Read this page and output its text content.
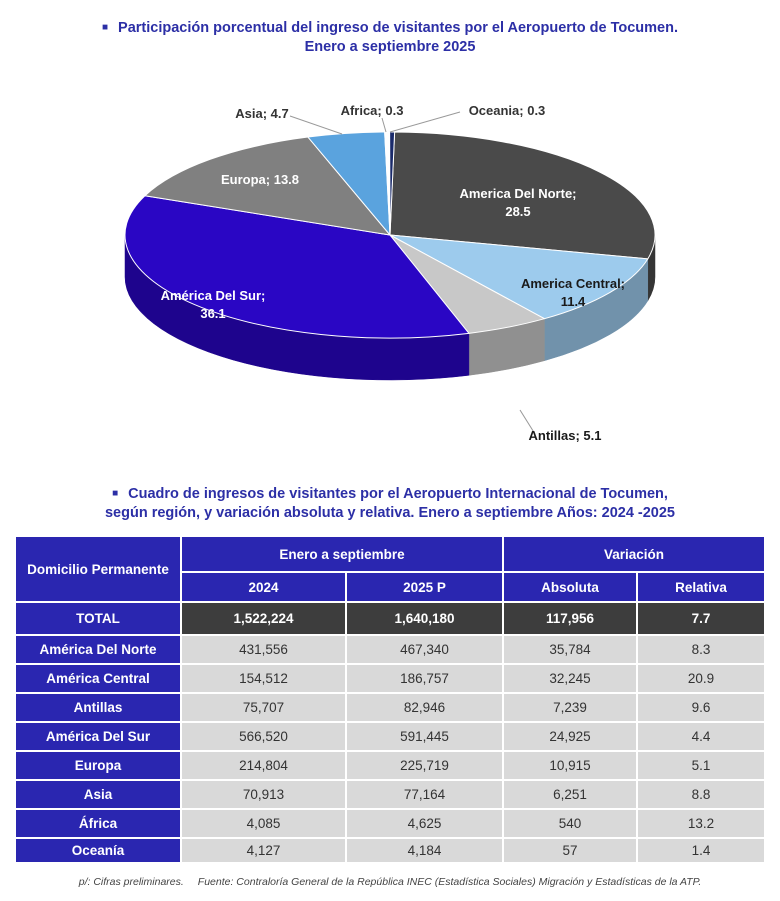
■ Participación porcentual del ingreso de visitantes por el Aeropuerto de Tocumen.
Enero a septiembre 2025
America Del Norte;
28.5
America Central;
11.4
Antillas; 5.1
América Del Sur;
36.1
Europa; 13.8
Asia; 4.7	Africa; 0.3	Oceania; 0.3
■ Cuadro de ingresos de visitantes por el Aeropuerto Internacional de Tocumen,
según región, y variación absoluta y relativa. Enero a septiembre Años: 2024 -2025
Domicilio Permanente	Enero a septiembre		Variación	
	2024	2025 P	Absoluta	Relativa
TOTAL	1,522,224	1,640,180	117,956	7.7
América Del Norte	431,556	467,340	35,784	8.3
América Central	154,512	186,757	32,245	20.9
Antillas	75,707	82,946	7,239	9.6
América Del Sur	566,520	591,445	24,925	4.4
Europa	214,804	225,719	10,915	5.1
Asia	70,913	77,164	6,251	8.8
África	4,085	4,625	540	13.2
Oceanía	4,127	4,184	57	1.4
p/: Cifras preliminares. Fuente: Contraloría General de la República INEC (Estadística Sociales) Migración y Estadísticas de la ATP.
